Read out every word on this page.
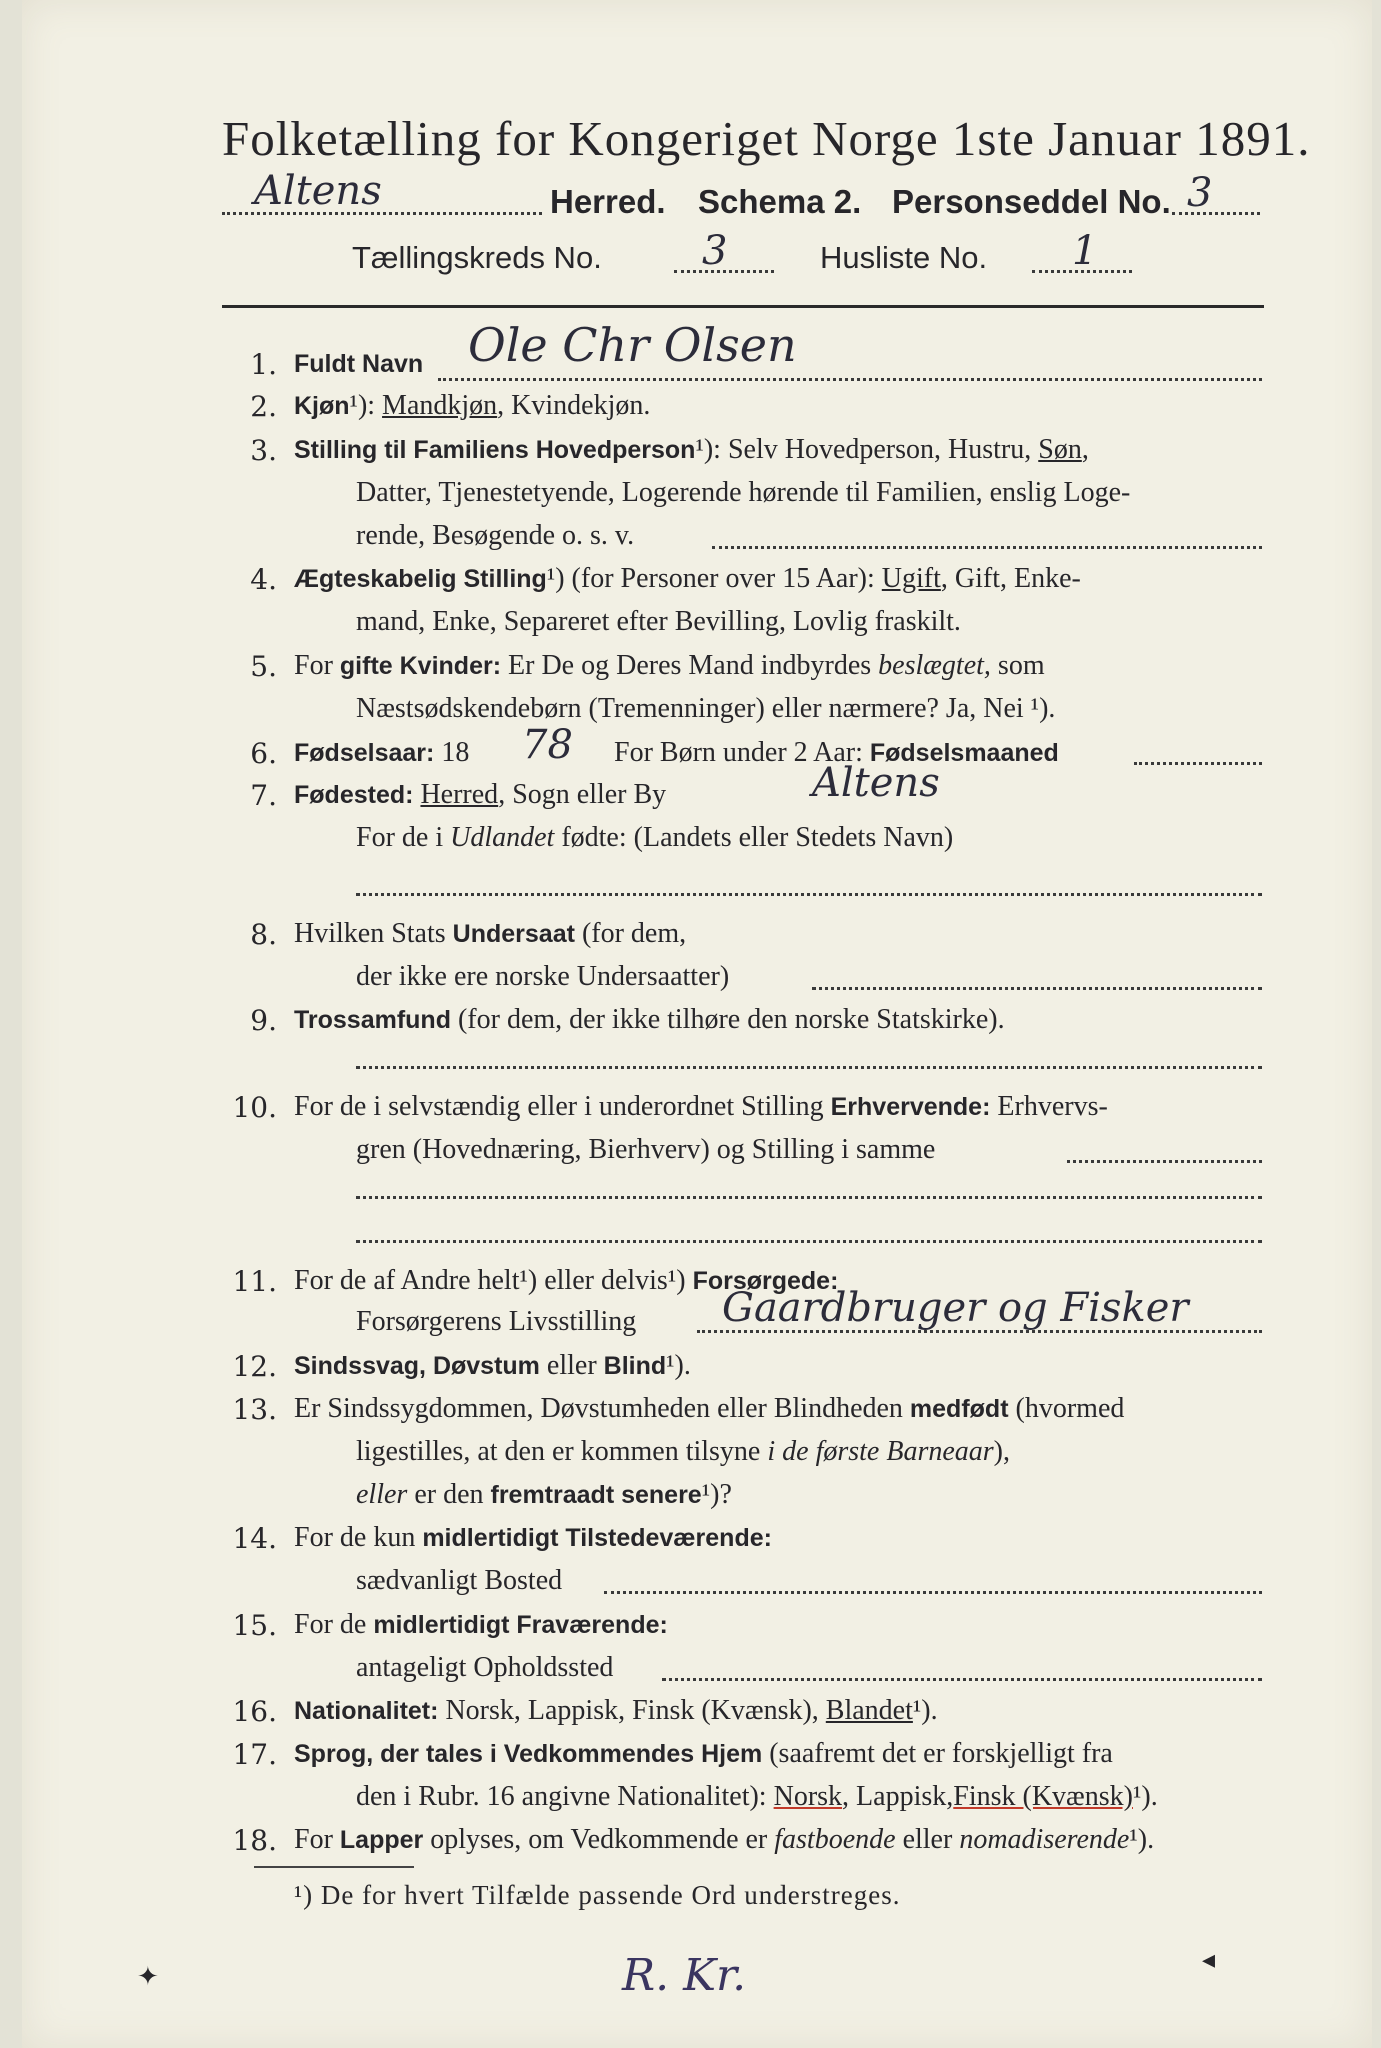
Folketælling for Kongeriget Norge 1ste Januar 1891.
Altens	Herred. Schema 2. Personseddel No. 3
Tællingskreds No.	3	Husliste No. 1
1. Fuldt Navn Ole Chr Olsen
2. Kjøn¹): Mandkjøn, Kvindekjøn.
3. Stilling til Familiens Hovedperson¹): Selv Hovedperson, Hustru, Søn,
Datter, Tjenestetyende, Logerende hørende til Familien, enslig Loge-
rende, Besøgende o. s. v.
4. Ægteskabelig Stilling¹) (for Personer over 15 Aar): Ugift, Gift, Enke-
mand, Enke, Separeret efter Bevilling, Lovlig fraskilt.
5. For gifte Kvinder: Er De og Deres Mand indbyrdes beslægtet, som
Næstsødskendebørn (Tremenninger) eller nærmere? Ja, Nei ¹).
6. Fødselsaar: 18 78 For Børn under 2 Aar: Fødselsmaaned
7. Fødested: Herred, Sogn eller By	Altens
For de i Udlandet fødte: (Landets eller Stedets Navn)
8. Hvilken Stats Undersaat (for dem,
der ikke ere norske Undersaatter)
9. Trossamfund (for dem, der ikke tilhøre den norske Statskirke).
10. For de i selvstændig eller i underordnet Stilling Erhvervende: Erhvervs-
gren (Hovednæring, Bierhverv) og Stilling i samme
11. For de af Andre helt¹) eller delvis¹) Forsørgede:
Forsørgerens Livsstilling Gaardbruger og Fisker
12. Sindssvag, Døvstum eller Blind¹).
13. Er Sindssygdommen, Døvstumheden eller Blindheden medfødt (hvormed
ligestilles, at den er kommen tilsyne i de første Barneaar),
eller er den fremtraadt senere¹)?
14. For de kun midlertidigt Tilstedeværende:
sædvanligt Bosted
15. For de midlertidigt Fraværende:
antageligt Opholdssted
16. Nationalitet: Norsk, Lappisk, Finsk (Kvænsk), Blandet¹).
17. Sprog, der tales i Vedkommendes Hjem (saafremt det er forskjelligt fra
den i Rubr. 16 angivne Nationalitet): Norsk, Lappisk,Finsk (Kvænsk)¹).
18. For Lapper oplyses, om Vedkommende er fastboende eller nomadiserende¹).
¹) De for hvert Tilfælde passende Ord understreges.
R. Kr.
✦
◂
